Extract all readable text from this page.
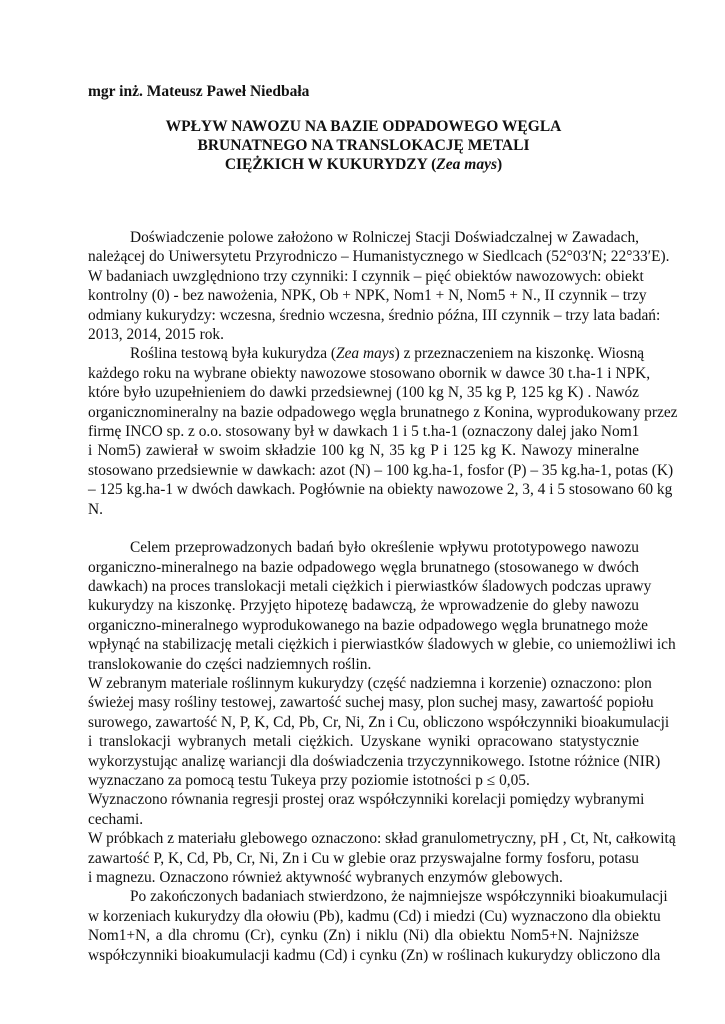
mgr inż. Mateusz Paweł Niedbała
WPŁYW NAWOZU NA BAZIE ODPADOWEGO WĘGLA
BRUNATNEGO NA TRANSLOKACJĘ METALI
CIĘŻKICH W KUKURYDZY (Zea mays)
Doświadczenie polowe założono w Rolniczej Stacji Doświadczalnej w Zawadach,
należącej do Uniwersytetu Przyrodniczo – Humanistycznego w Siedlcach (52°03′N; 22°33′E).
W badaniach uwzględniono trzy czynniki: I czynnik – pięć obiektów nawozowych: obiekt
kontrolny (0) - bez nawożenia, NPK, Ob + NPK, Nom1 + N, Nom5 + N., II czynnik – trzy
odmiany kukurydzy: wczesna, średnio wczesna, średnio późna, III czynnik – trzy lata badań:
2013, 2014, 2015 rok.
Roślina testową była kukurydza (Zea mays) z przeznaczeniem na kiszonkę. Wiosną
każdego roku na wybrane obiekty nawozowe stosowano obornik w dawce 30 t.ha-1 i NPK,
które było uzupełnieniem do dawki przedsiewnej (100 kg N, 35 kg P, 125 kg K) . Nawóz
organicznomineralny na bazie odpadowego węgla brunatnego z Konina, wyprodukowany przez
firmę INCO sp. z o.o. stosowany był w dawkach 1 i 5 t.ha-1 (oznaczony dalej jako Nom1
i Nom5) zawierał w swoim składzie 100 kg N, 35 kg P i 125 kg K. Nawozy mineralne
stosowano przedsiewnie w dawkach: azot (N) – 100 kg.ha-1, fosfor (P) – 35 kg.ha-1, potas (K)
– 125 kg.ha-1 w dwóch dawkach. Pogłównie na obiekty nawozowe 2, 3, 4 i 5 stosowano 60 kg
N.
Celem przeprowadzonych badań było określenie wpływu prototypowego nawozu
organiczno-mineralnego na bazie odpadowego węgla brunatnego (stosowanego w dwóch
dawkach) na proces translokacji metali ciężkich i pierwiastków śladowych podczas uprawy
kukurydzy na kiszonkę. Przyjęto hipotezę badawczą, że wprowadzenie do gleby nawozu
organiczno-mineralnego wyprodukowanego na bazie odpadowego węgla brunatnego może
wpłynąć na stabilizację metali ciężkich i pierwiastków śladowych w glebie, co uniemożliwi ich
translokowanie do części nadziemnych roślin.
W zebranym materiale roślinnym kukurydzy (część nadziemna i korzenie) oznaczono: plon
świeżej masy rośliny testowej, zawartość suchej masy, plon suchej masy, zawartość popiołu
surowego, zawartość N, P, K, Cd, Pb, Cr, Ni, Zn i Cu, obliczono współczynniki bioakumulacji
i translokacji wybranych metali ciężkich. Uzyskane wyniki opracowano statystycznie
wykorzystując analizę wariancji dla doświadczenia trzyczynnikowego. Istotne różnice (NIR)
wyznaczano za pomocą testu Tukeya przy poziomie istotności p ≤ 0,05.
Wyznaczono równania regresji prostej oraz współczynniki korelacji pomiędzy wybranymi
cechami.
W próbkach z materiału glebowego oznaczono: skład granulometryczny, pH , Ct, Nt, całkowitą
zawartość P, K, Cd, Pb, Cr, Ni, Zn i Cu w glebie oraz przyswajalne formy fosforu, potasu
i magnezu. Oznaczono również aktywność wybranych enzymów glebowych.
Po zakończonych badaniach stwierdzono, że najmniejsze współczynniki bioakumulacji
w korzeniach kukurydzy dla ołowiu (Pb), kadmu (Cd) i miedzi (Cu) wyznaczono dla obiektu
Nom1+N, a dla chromu (Cr), cynku (Zn) i niklu (Ni) dla obiektu Nom5+N. Najniższe
współczynniki bioakumulacji kadmu (Cd) i cynku (Zn) w roślinach kukurydzy obliczono dla
